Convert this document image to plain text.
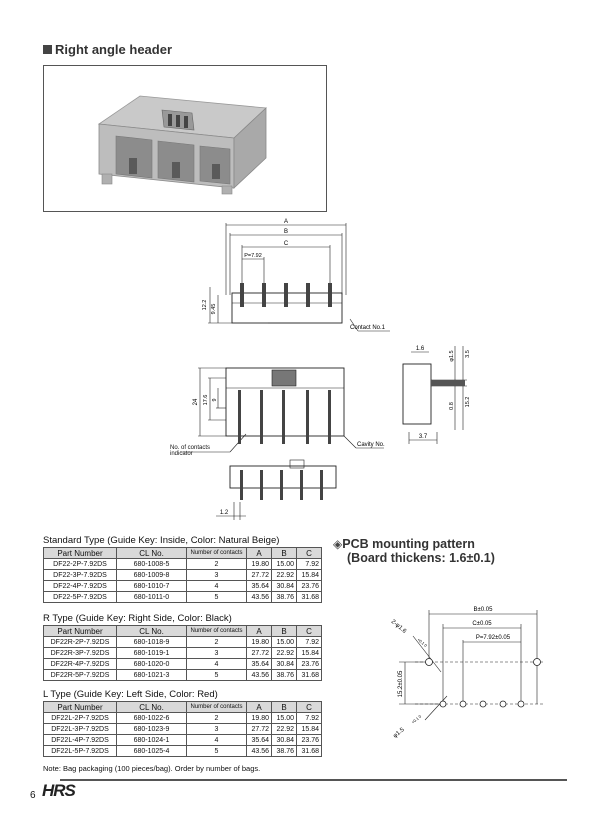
Right angle header
A
B
C
P=7.92
12.2 9.45
Contact No.1
24 17.6 9
Cavity No.
No. of contacts
indicator
1.6
φ1.5 3.5
0.8 15.2
3.7
1.2
Standard Type (Guide Key: Inside, Color: Natural Beige)
Part Number	CL No.	Number of contacts	A	B	C
DF22-2P-7.92DS	680-1008-5	2	19.80	15.00	7.92
DF22-3P-7.92DS	680-1009-8	3	27.72	22.92	15.84
DF22-4P-7.92DS	680-1010-7	4	35.64	30.84	23.76
DF22-5P-7.92DS	680-1011-0	5	43.56	38.76	31.68
R Type (Guide Key: Right Side, Color: Black)
Part Number	CL No.	Number of contacts	A	B	C
DF22R-2P-7.92DS	680-1018-9	2	19.80	15.00	7.92
DF22R-3P-7.92DS	680-1019-1	3	27.72	22.92	15.84
DF22R-4P-7.92DS	680-1020-0	4	35.64	30.84	23.76
DF22R-5P-7.92DS	680-1021-3	5	43.56	38.76	31.68
L Type (Guide Key: Left Side, Color: Red)
Part Number	CL No.	Number of contacts	A	B	C
DF22L-2P-7.92DS	680-1022-6	2	19.80	15.00	7.92
DF22L-3P-7.92DS	680-1023-9	3	27.72	22.92	15.84
DF22L-4P-7.92DS	680-1024-1	4	35.64	30.84	23.76
DF22L-5P-7.92DS	680-1025-4	5	43.56	38.76	31.68
Note: Bag packaging (100 pieces/bag). Order by number of bags.
◈PCB mounting pattern
(Board thickens: 1.6±0.1)
B±0.05
C±0.05
P=7.92±0.05
15.2±0.05
2-φ1.6
+0.1 0
φ1.5
+0.1 0
6 HRS
